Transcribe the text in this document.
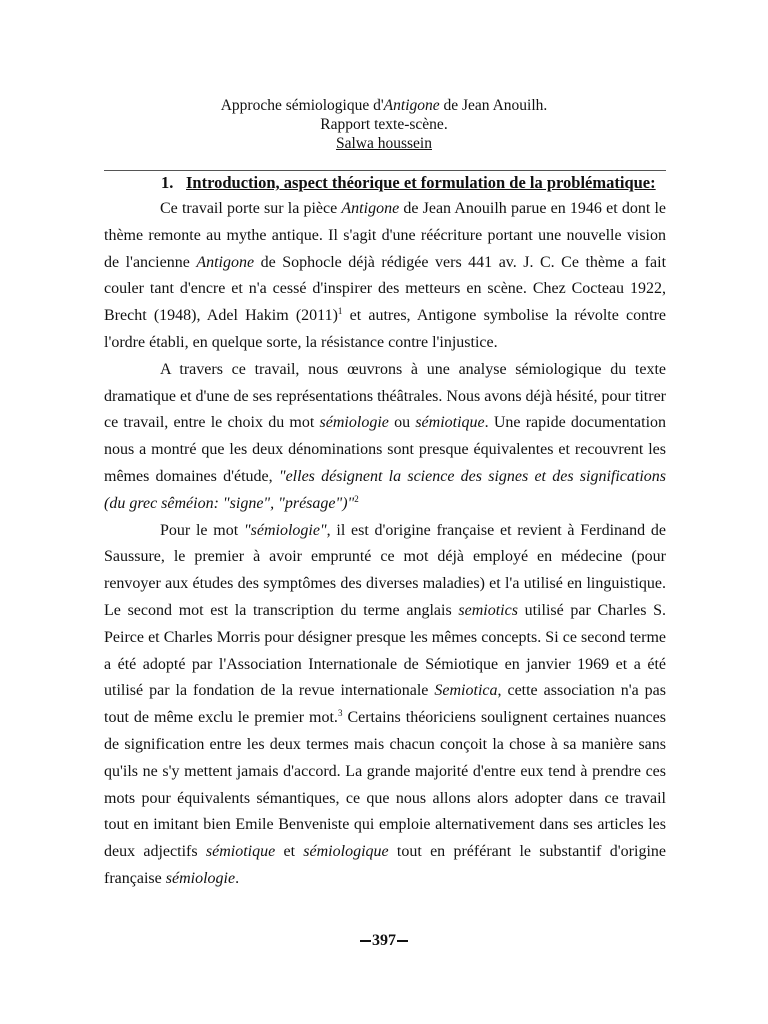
Approche sémiologique d'Antigone de Jean Anouilh.
Rapport texte-scène.
Salwa houssein
1. Introduction, aspect théorique et formulation de la problématique:

Ce travail porte sur la pièce Antigone de Jean Anouilh parue en 1946 et dont le thème remonte au mythe antique. Il s'agit d'une réécriture portant une nouvelle vision de l'ancienne Antigone de Sophocle déjà rédigée vers 441 av. J. C. Ce thème a fait couler tant d'encre et n'a cessé d'inspirer des metteurs en scène. Chez Cocteau 1922, Brecht (1948), Adel Hakim $(2011)^1$ et autres, Antigone symbolise la révolte contre l'ordre établi, en quelque sorte, la résistance contre l'injustice.

A travers ce travail, nous œuvrons à une analyse sémiologique du texte dramatique et d'une de ses représentations théâtrales. Nous avons déjà hésité, pour titrer ce travail, entre le choix du mot sémiologie ou sémiotique. Une rapide documentation nous a montré que les deux dénominations sont presque équivalentes et recouvrent les mêmes domaines d'étude, "elles désignent la science des signes et des significations (du grec sêméion: "signe", "présage")"$^2$

Pour le mot "sémiologie", il est d'origine française et revient à Ferdinand de Saussure, le premier à avoir emprunté ce mot déjà employé en médecine (pour renvoyer aux études des symptômes des diverses maladies) et l'a utilisé en linguistique. Le second mot est la transcription du terme anglais semiotics utilisé par Charles S. Peirce et Charles Morris pour désigner presque les mêmes concepts. Si ce second terme a été adopté par l'Association Internationale de Sémiotique en janvier 1969 et a été utilisé par la fondation de la revue internationale Semiotica, cette association n'a pas tout de même exclu le premier mot.$^3$ Certains théoriciens soulignent certaines nuances de signification entre les deux termes mais chacun conçoit la chose à sa manière sans qu'ils ne s'y mettent jamais d'accord. La grande majorité d'entre eux tend à prendre ces mots pour équivalents sémantiques, ce que nous allons alors adopter dans ce travail tout en imitant bien Emile Benveniste qui emploie alternativement dans ses articles les deux adjectifs sémiotique et sémiologique tout en préférant le substantif d'origine française sémiologie.

397
